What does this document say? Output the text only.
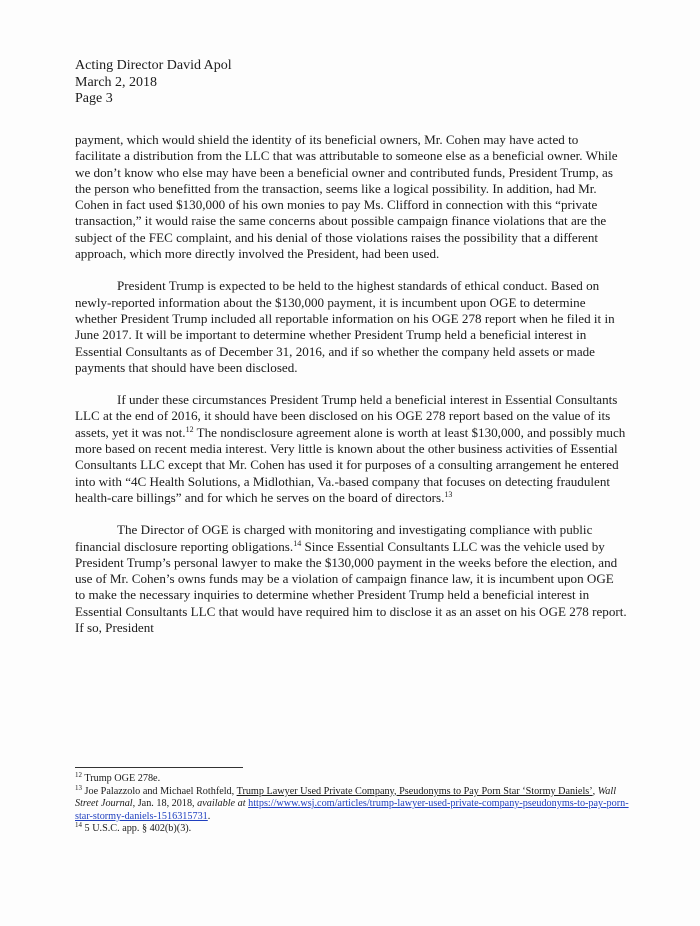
Acting Director David Apol
March 2, 2018
Page 3

payment, which would shield the identity of its beneficial owners, Mr. Cohen may have acted to facilitate a distribution from the LLC that was attributable to someone else as a beneficial owner. While we don’t know who else may have been a beneficial owner and contributed funds, President Trump, as the person who benefitted from the transaction, seems like a logical possibility. In addition, had Mr. Cohen in fact used $130,000 of his own monies to pay Ms. Clifford in connection with this “private transaction,” it would raise the same concerns about possible campaign finance violations that are the subject of the FEC complaint, and his denial of those violations raises the possibility that a different approach, which more directly involved the President, had been used.

President Trump is expected to be held to the highest standards of ethical conduct. Based on newly-reported information about the $130,000 payment, it is incumbent upon OGE to determine whether President Trump included all reportable information on his OGE 278 report when he filed it in June 2017. It will be important to determine whether President Trump held a beneficial interest in Essential Consultants as of December 31, 2016, and if so whether the company held assets or made payments that should have been disclosed.

If under these circumstances President Trump held a beneficial interest in Essential Consultants LLC at the end of 2016, it should have been disclosed on his OGE 278 report based on the value of its assets, yet it was not.$^{12}$ The nondisclosure agreement alone is worth at least $130,000, and possibly much more based on recent media interest. Very little is known about the other business activities of Essential Consultants LLC except that Mr. Cohen has used it for purposes of a consulting arrangement he entered into with “4C Health Solutions, a Midlothian, Va.-based company that focuses on detecting fraudulent health-care billings” and for which he serves on the board of directors.$^{13}$

The Director of OGE is charged with monitoring and investigating compliance with public financial disclosure reporting obligations.$^{14}$ Since Essential Consultants LLC was the vehicle used by President Trump’s personal lawyer to make the $130,000 payment in the weeks before the election, and use of Mr. Cohen’s owns funds may be a violation of campaign finance law, it is incumbent upon OGE to make the necessary inquiries to determine whether President Trump held a beneficial interest in Essential Consultants LLC that would have required him to disclose it as an asset on his OGE 278 report. If so, President

$^{12}$ Trump OGE 278e.

$^{13}$ Joe Palazzolo and Michael Rothfeld, Trump Lawyer Used Private Company, Pseudonyms to Pay Porn Star ‘Stormy Daniels’, Wall Street Journal, Jan. 18, 2018, available at https://www.wsj.com/articles/trump-lawyer-used-private-company-pseudonyms-to-pay-porn-star-stormy-daniels-1516315731.

$^{14}$ 5 U.S.C. app. § 402(b)(3).
